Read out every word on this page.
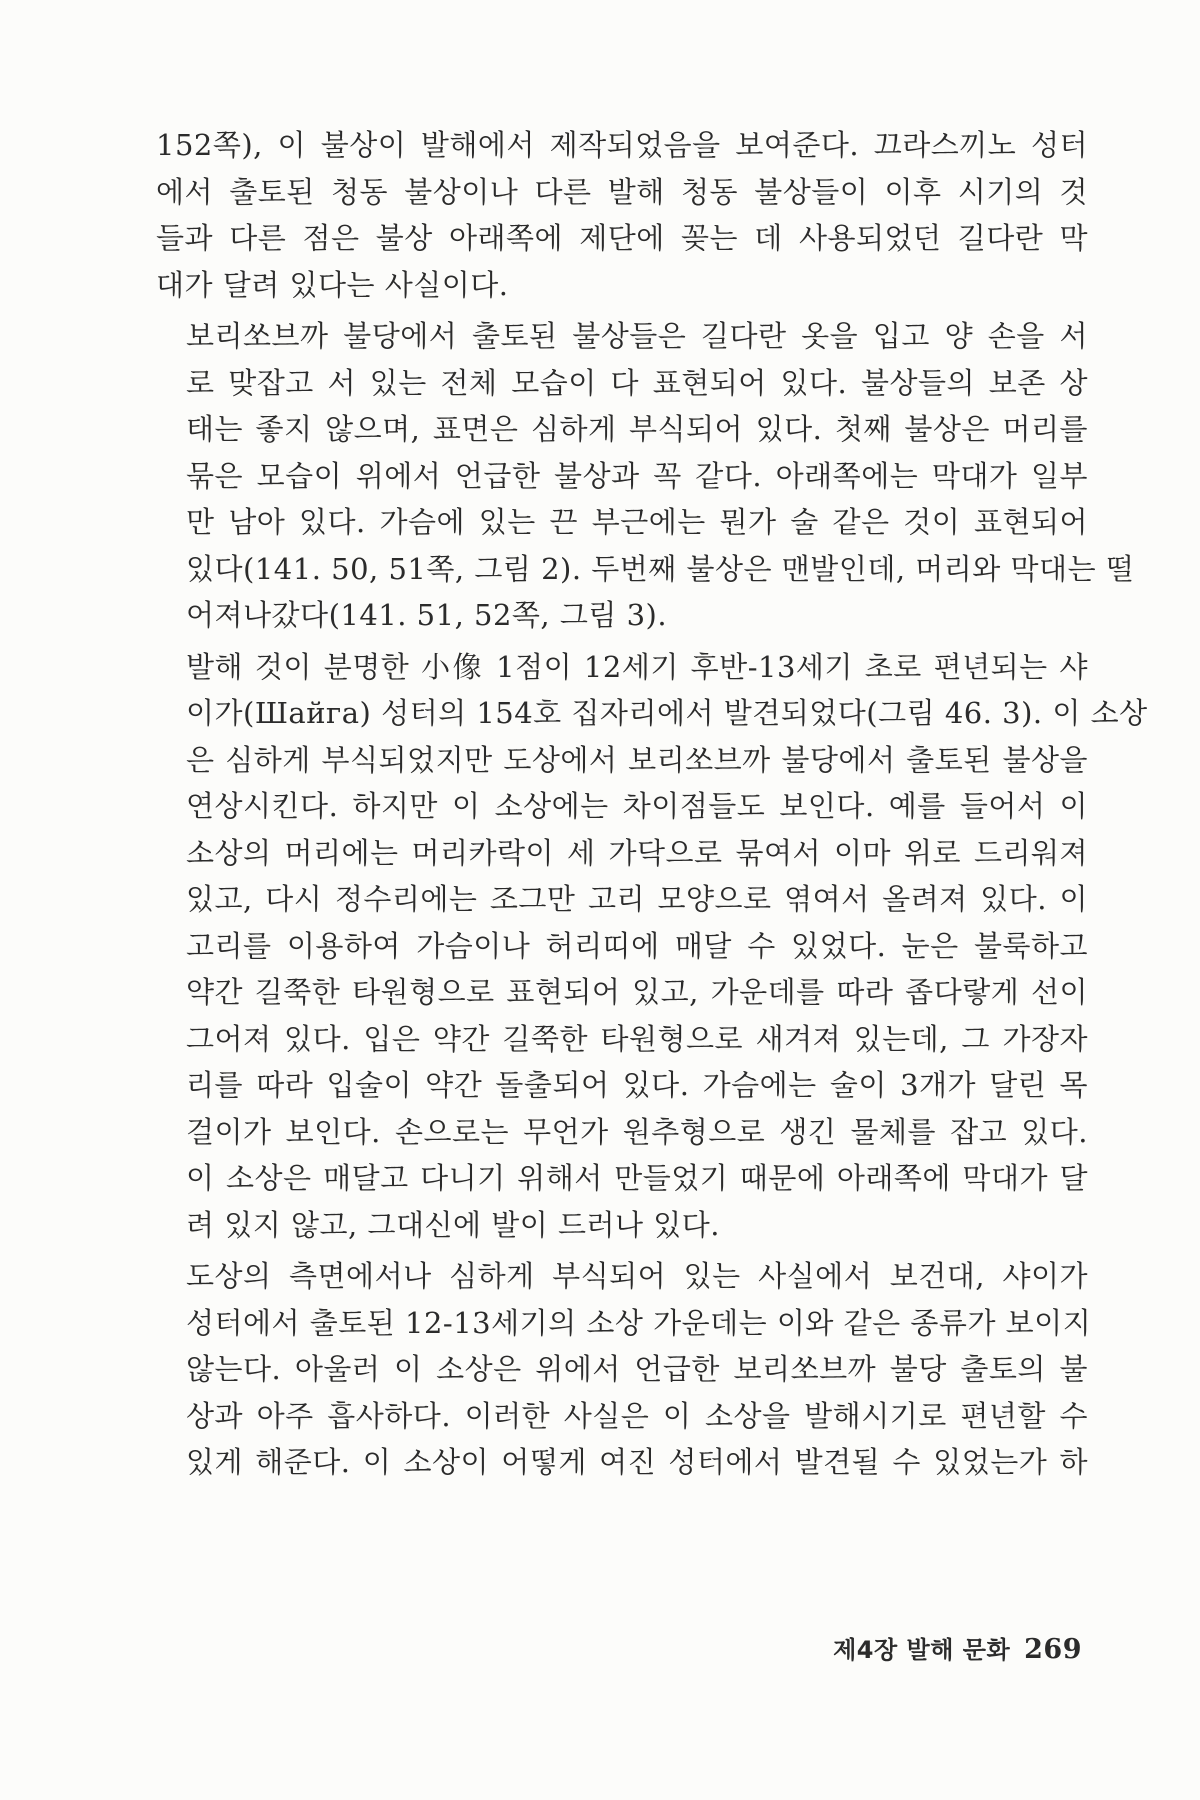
152쪽), 이 불상이 발해에서 제작되었음을 보여준다. 끄라스끼노 성터
에서 출토된 청동 불상이나 다른 발해 청동 불상들이 이후 시기의 것
들과 다른 점은 불상 아래쪽에 제단에 꽂는 데 사용되었던 길다란 막
대가 달려 있다는 사실이다.

보리쏘브까 불당에서 출토된 불상들은 길다란 옷을 입고 양 손을 서
로 맞잡고 서 있는 전체 모습이 다 표현되어 있다. 불상들의 보존 상
태는 좋지 않으며, 표면은 심하게 부식되어 있다. 첫째 불상은 머리를
묶은 모습이 위에서 언급한 불상과 꼭 같다. 아래쪽에는 막대가 일부
만 남아 있다. 가슴에 있는 끈 부근에는 뭔가 술 같은 것이 표현되어
있다(141. 50, 51쪽, 그림 2). 두번째 불상은 맨발인데, 머리와 막대는 떨
어져나갔다(141. 51, 52쪽, 그림 3).

발해 것이 분명한 小像 1점이 12세기 후반-13세기 초로 편년되는 샤
이가(Шайга) 성터의 154호 집자리에서 발견되었다(그림 46. 3). 이 소상
은 심하게 부식되었지만 도상에서 보리쏘브까 불당에서 출토된 불상을
연상시킨다. 하지만 이 소상에는 차이점들도 보인다. 예를 들어서 이
소상의 머리에는 머리카락이 세 가닥으로 묶여서 이마 위로 드리워져
있고, 다시 정수리에는 조그만 고리 모양으로 엮여서 올려져 있다. 이
고리를 이용하여 가슴이나 허리띠에 매달 수 있었다. 눈은 불룩하고
약간 길쭉한 타원형으로 표현되어 있고, 가운데를 따라 좁다랗게 선이
그어져 있다. 입은 약간 길쭉한 타원형으로 새겨져 있는데, 그 가장자
리를 따라 입술이 약간 돌출되어 있다. 가슴에는 술이 3개가 달린 목
걸이가 보인다. 손으로는 무언가 원추형으로 생긴 물체를 잡고 있다.
이 소상은 매달고 다니기 위해서 만들었기 때문에 아래쪽에 막대가 달
려 있지 않고, 그대신에 발이 드러나 있다.

도상의 측면에서나 심하게 부식되어 있는 사실에서 보건대, 샤이가
성터에서 출토된 12-13세기의 소상 가운데는 이와 같은 종류가 보이지
않는다. 아울러 이 소상은 위에서 언급한 보리쏘브까 불당 출토의 불
상과 아주 흡사하다. 이러한 사실은 이 소상을 발해시기로 편년할 수
있게 해준다. 이 소상이 어떻게 여진 성터에서 발견될 수 있었는가 하

제4장 발해 문화 269
